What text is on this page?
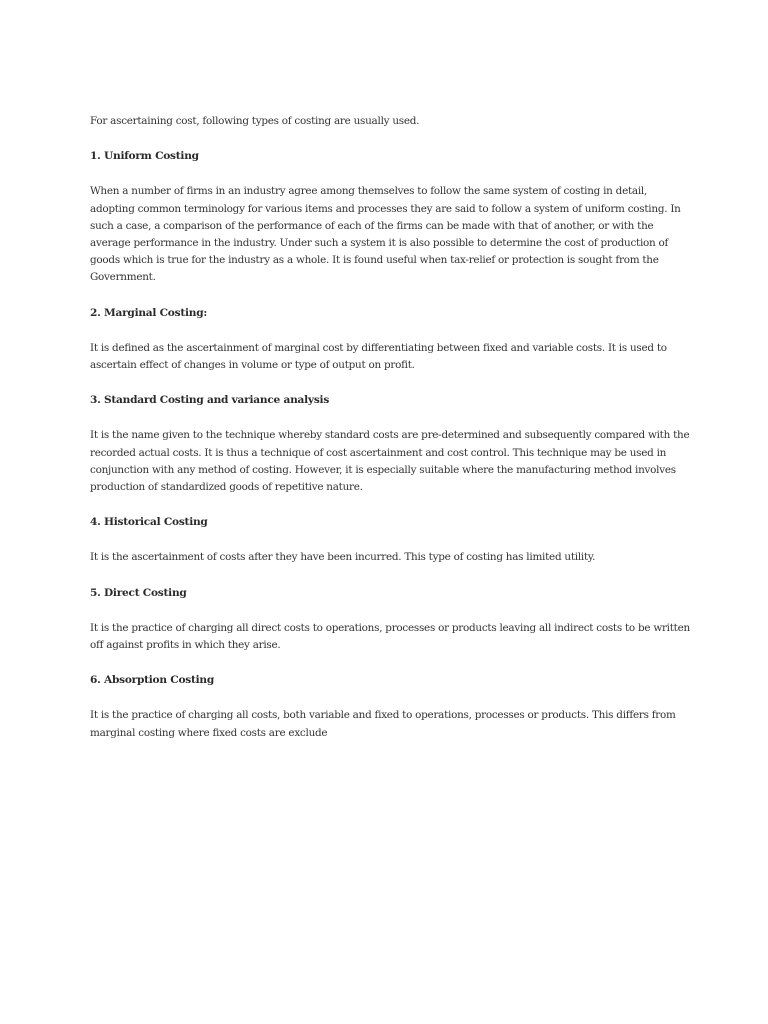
For ascertaining cost, following types of costing are usually used.

1. Uniform Costing

When a number of firms in an industry agree among themselves to follow the same system of costing in detail, adopting common terminology for various items and processes they are said to follow a system of uniform costing. In such a case, a comparison of the performance of each of the firms can be made with that of another, or with the average performance in the industry. Under such a system it is also possible to determine the cost of production of goods which is true for the industry as a whole. It is found useful when tax-relief or protection is sought from the Government.

2. Marginal Costing:

It is defined as the ascertainment of marginal cost by differentiating between fixed and variable costs. It is used to ascertain effect of changes in volume or type of output on profit.

3. Standard Costing and variance analysis

It is the name given to the technique whereby standard costs are pre-determined and subsequently compared with the recorded actual costs. It is thus a technique of cost ascertainment and cost control. This technique may be used in conjunction with any method of costing. However, it is especially suitable where the manufacturing method involves production of standardized goods of repetitive nature.

4. Historical Costing

It is the ascertainment of costs after they have been incurred. This type of costing has limited utility.

5. Direct Costing

It is the practice of charging all direct costs to operations, processes or products leaving all indirect costs to be written off against profits in which they arise.

6. Absorption Costing

It is the practice of charging all costs, both variable and fixed to operations, processes or products. This differs from marginal costing where fixed costs are exclude
